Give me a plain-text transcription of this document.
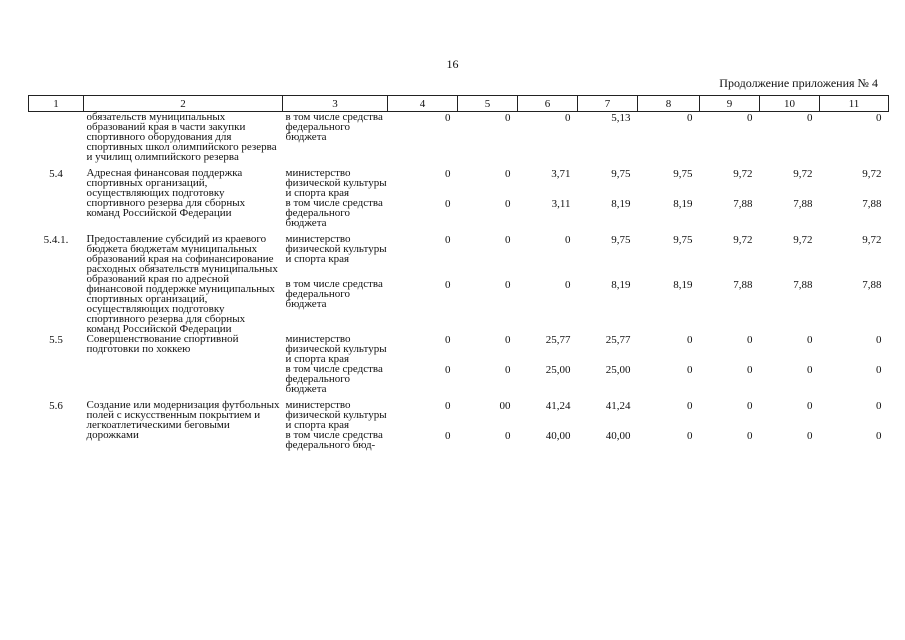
16
Продолжение приложения № 4
1	2	3	4	5	6	7	8	9	10	11
	обязательств муниципальных образований края в части закупки спортивного оборудования для спортивных школ олимпийского резерва и училищ олимпийского резерва	в том числе средства федерального бюджета	0	0	0	5,13	0	0	0	0
5.4	Адресная финансовая поддержка спортивных организаций, осуществляющих подготовку спортивного резерва для сборных команд Российской Федерации	министерство физической культуры и спорта края	0	0	3,71	9,75	9,75	9,72	9,72	9,72
		в том числе средства федерального бюджета	0	0	3,11	8,19	8,19	7,88	7,88	7,88
5.4.1.	Предоставление субсидий из краевого бюджета бюджетам муниципальных образований края на софинансирование расходных обязательств муниципальных образований края по адресной финансовой поддержке муниципальных спортивных организаций, осуществляющих подготовку спортивного резерва для сборных команд Российской Федерации	министерство физической культуры и спорта края	0	0	0	9,75	9,75	9,72	9,72	9,72
		в том числе средства федерального бюджета	0	0	0	8,19	8,19	7,88	7,88	7,88
5.5	Совершенствование спортивной подготовки по хоккею	министерство физической культуры и спорта края	0	0	25,77	25,77	0	0	0	0
		в том числе средства федерального бюджета	0	0	25,00	25,00	0	0	0	0
5.6	Создание или модернизация футбольных полей с искусственным покрытием и легкоатлетическими беговыми дорожками	министерство физической культуры и спорта края	0	00	41,24	41,24	0	0	0	0
		в том числе средства федерального бюд-	0	0	40,00	40,00	0	0	0	0
